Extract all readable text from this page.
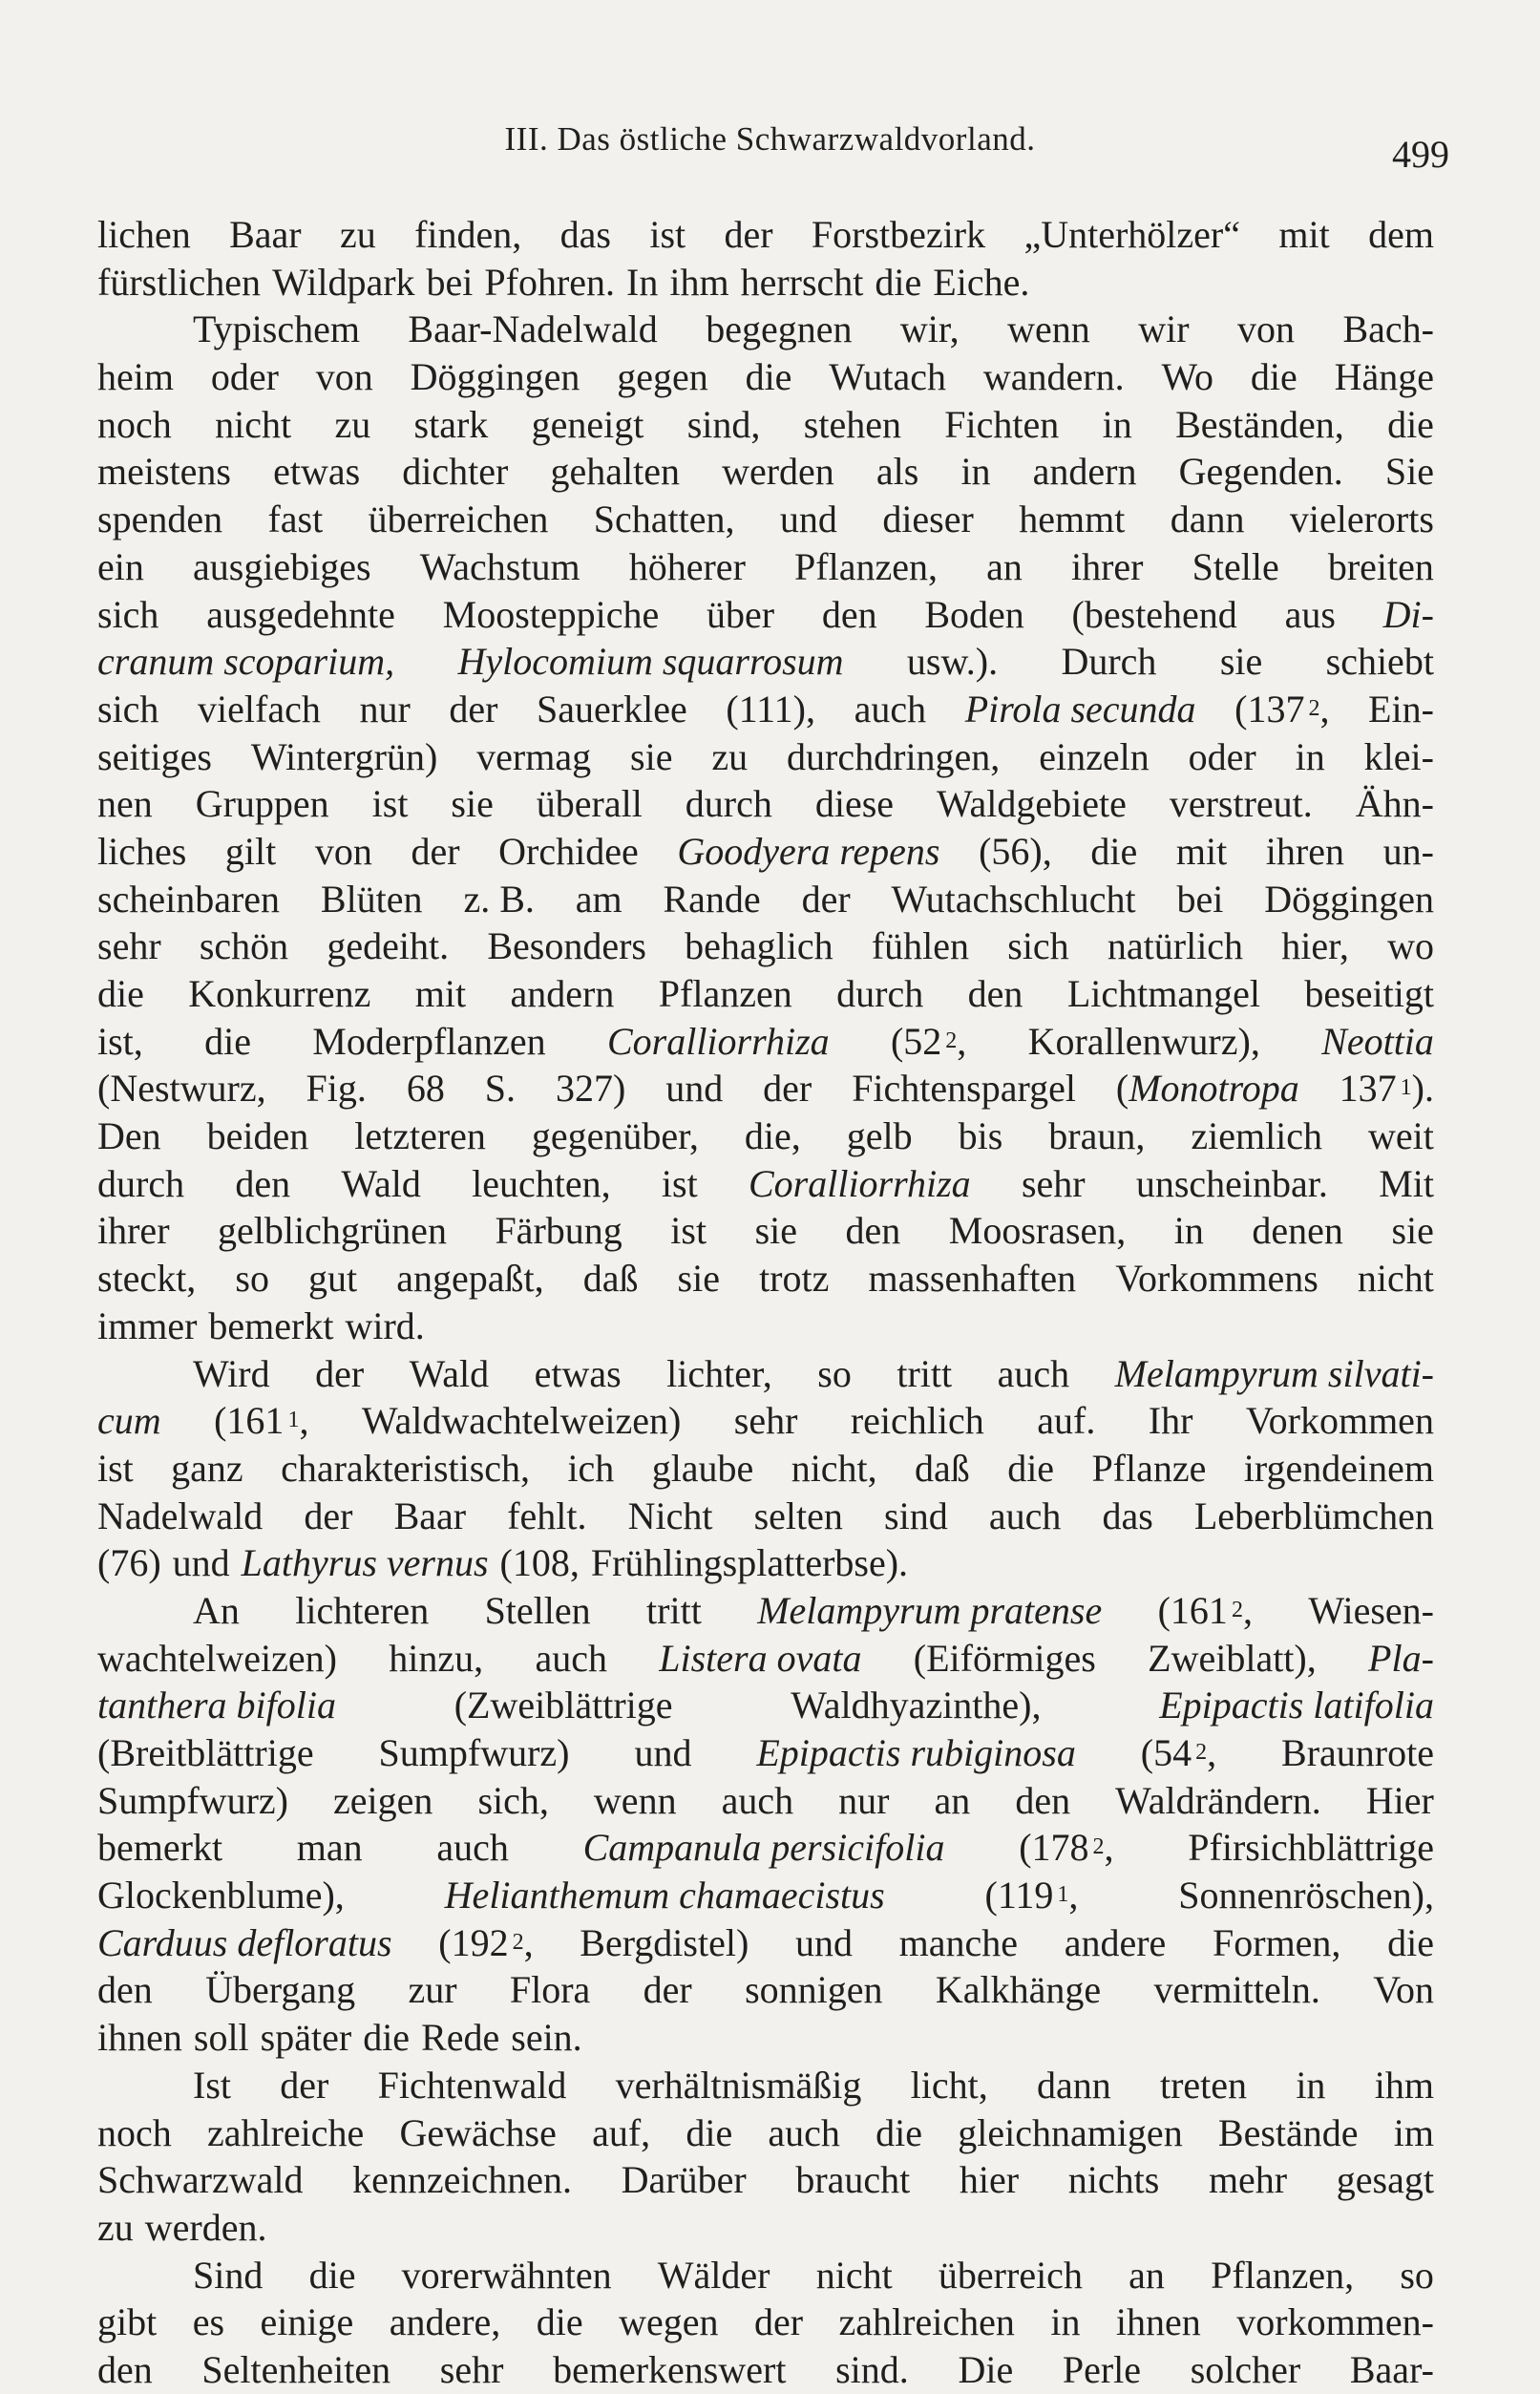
III. Das östliche Schwarzwaldvorland.	499
lichen Baar zu finden, das ist der Forstbezirk „Unterhölzer“ mit dem
fürstlichen Wildpark bei Pfohren. In ihm herrscht die Eiche.
Typischem Baar-Nadelwald begegnen wir, wenn wir von Bach-
heim oder von Döggingen gegen die Wutach wandern. Wo die Hänge
noch nicht zu stark geneigt sind, stehen Fichten in Beständen, die
meistens etwas dichter gehalten werden als in andern Gegenden. Sie
spenden fast überreichen Schatten, und dieser hemmt dann vielerorts
ein ausgiebiges Wachstum höherer Pflanzen, an ihrer Stelle breiten
sich ausgedehnte Moosteppiche über den Boden (bestehend aus Di-
cranum scoparium, Hylocomium squarrosum usw.). Durch sie schiebt
sich vielfach nur der Sauerklee (111), auch Pirola secunda (137 $^2$, Ein-
seitiges Wintergrün) vermag sie zu durchdringen, einzeln oder in klei-
nen Gruppen ist sie überall durch diese Waldgebiete verstreut. Ähn-
liches gilt von der Orchidee Goodyera repens (56), die mit ihren un-
scheinbaren Blüten z. B. am Rande der Wutachschlucht bei Döggingen
sehr schön gedeiht. Besonders behaglich fühlen sich natürlich hier, wo
die Konkurrenz mit andern Pflanzen durch den Lichtmangel beseitigt
ist, die Moderpflanzen Coralliorrhiza (52 $^2$, Korallenwurz), Neottia
(Nestwurz, Fig. 68 S. 327) und der Fichtenspargel (Monotropa 137 $^1$).
Den beiden letzteren gegenüber, die, gelb bis braun, ziemlich weit
durch den Wald leuchten, ist Coralliorrhiza sehr unscheinbar. Mit
ihrer gelblichgrünen Färbung ist sie den Moosrasen, in denen sie
steckt, so gut angepaßt, daß sie trotz massenhaften Vorkommens nicht
immer bemerkt wird.
Wird der Wald etwas lichter, so tritt auch Melampyrum silvati-
cum (161 $^1$, Waldwachtelweizen) sehr reichlich auf. Ihr Vorkommen
ist ganz charakteristisch, ich glaube nicht, daß die Pflanze irgendeinem
Nadelwald der Baar fehlt. Nicht selten sind auch das Leberblümchen
(76) und Lathyrus vernus (108, Frühlingsplatterbse).
An lichteren Stellen tritt Melampyrum pratense (161 $^2$, Wiesen-
wachtelweizen) hinzu, auch Listera ovata (Eiförmiges Zweiblatt), Pla-
tanthera bifolia	(Zweiblättrige	Waldhyazinthe),	Epipactis latifolia
(Breitblättrige Sumpfwurz) und Epipactis rubiginosa (54 $^2$, Braunrote
Sumpfwurz) zeigen sich, wenn auch nur an den Waldrändern. Hier
bemerkt man auch Campanula persicifolia (178 $^2$, Pfirsichblättrige
Glockenblume),	Helianthemum chamaecistus	(119 $^1$,	Sonnenröschen),
Carduus defloratus (192 $^2$, Bergdistel) und manche andere Formen, die
den Übergang zur Flora der sonnigen Kalkhänge vermitteln. Von
ihnen soll später die Rede sein.
Ist der Fichtenwald verhältnismäßig licht, dann treten in ihm
noch zahlreiche Gewächse auf, die auch die gleichnamigen Bestände im
Schwarzwald kennzeichnen. Darüber braucht hier nichts mehr gesagt
zu werden.
Sind die vorerwähnten Wälder nicht überreich an Pflanzen, so
gibt es einige andere, die wegen der zahlreichen in ihnen vorkommen-
den Seltenheiten sehr bemerkenswert sind. Die Perle solcher Baar-
